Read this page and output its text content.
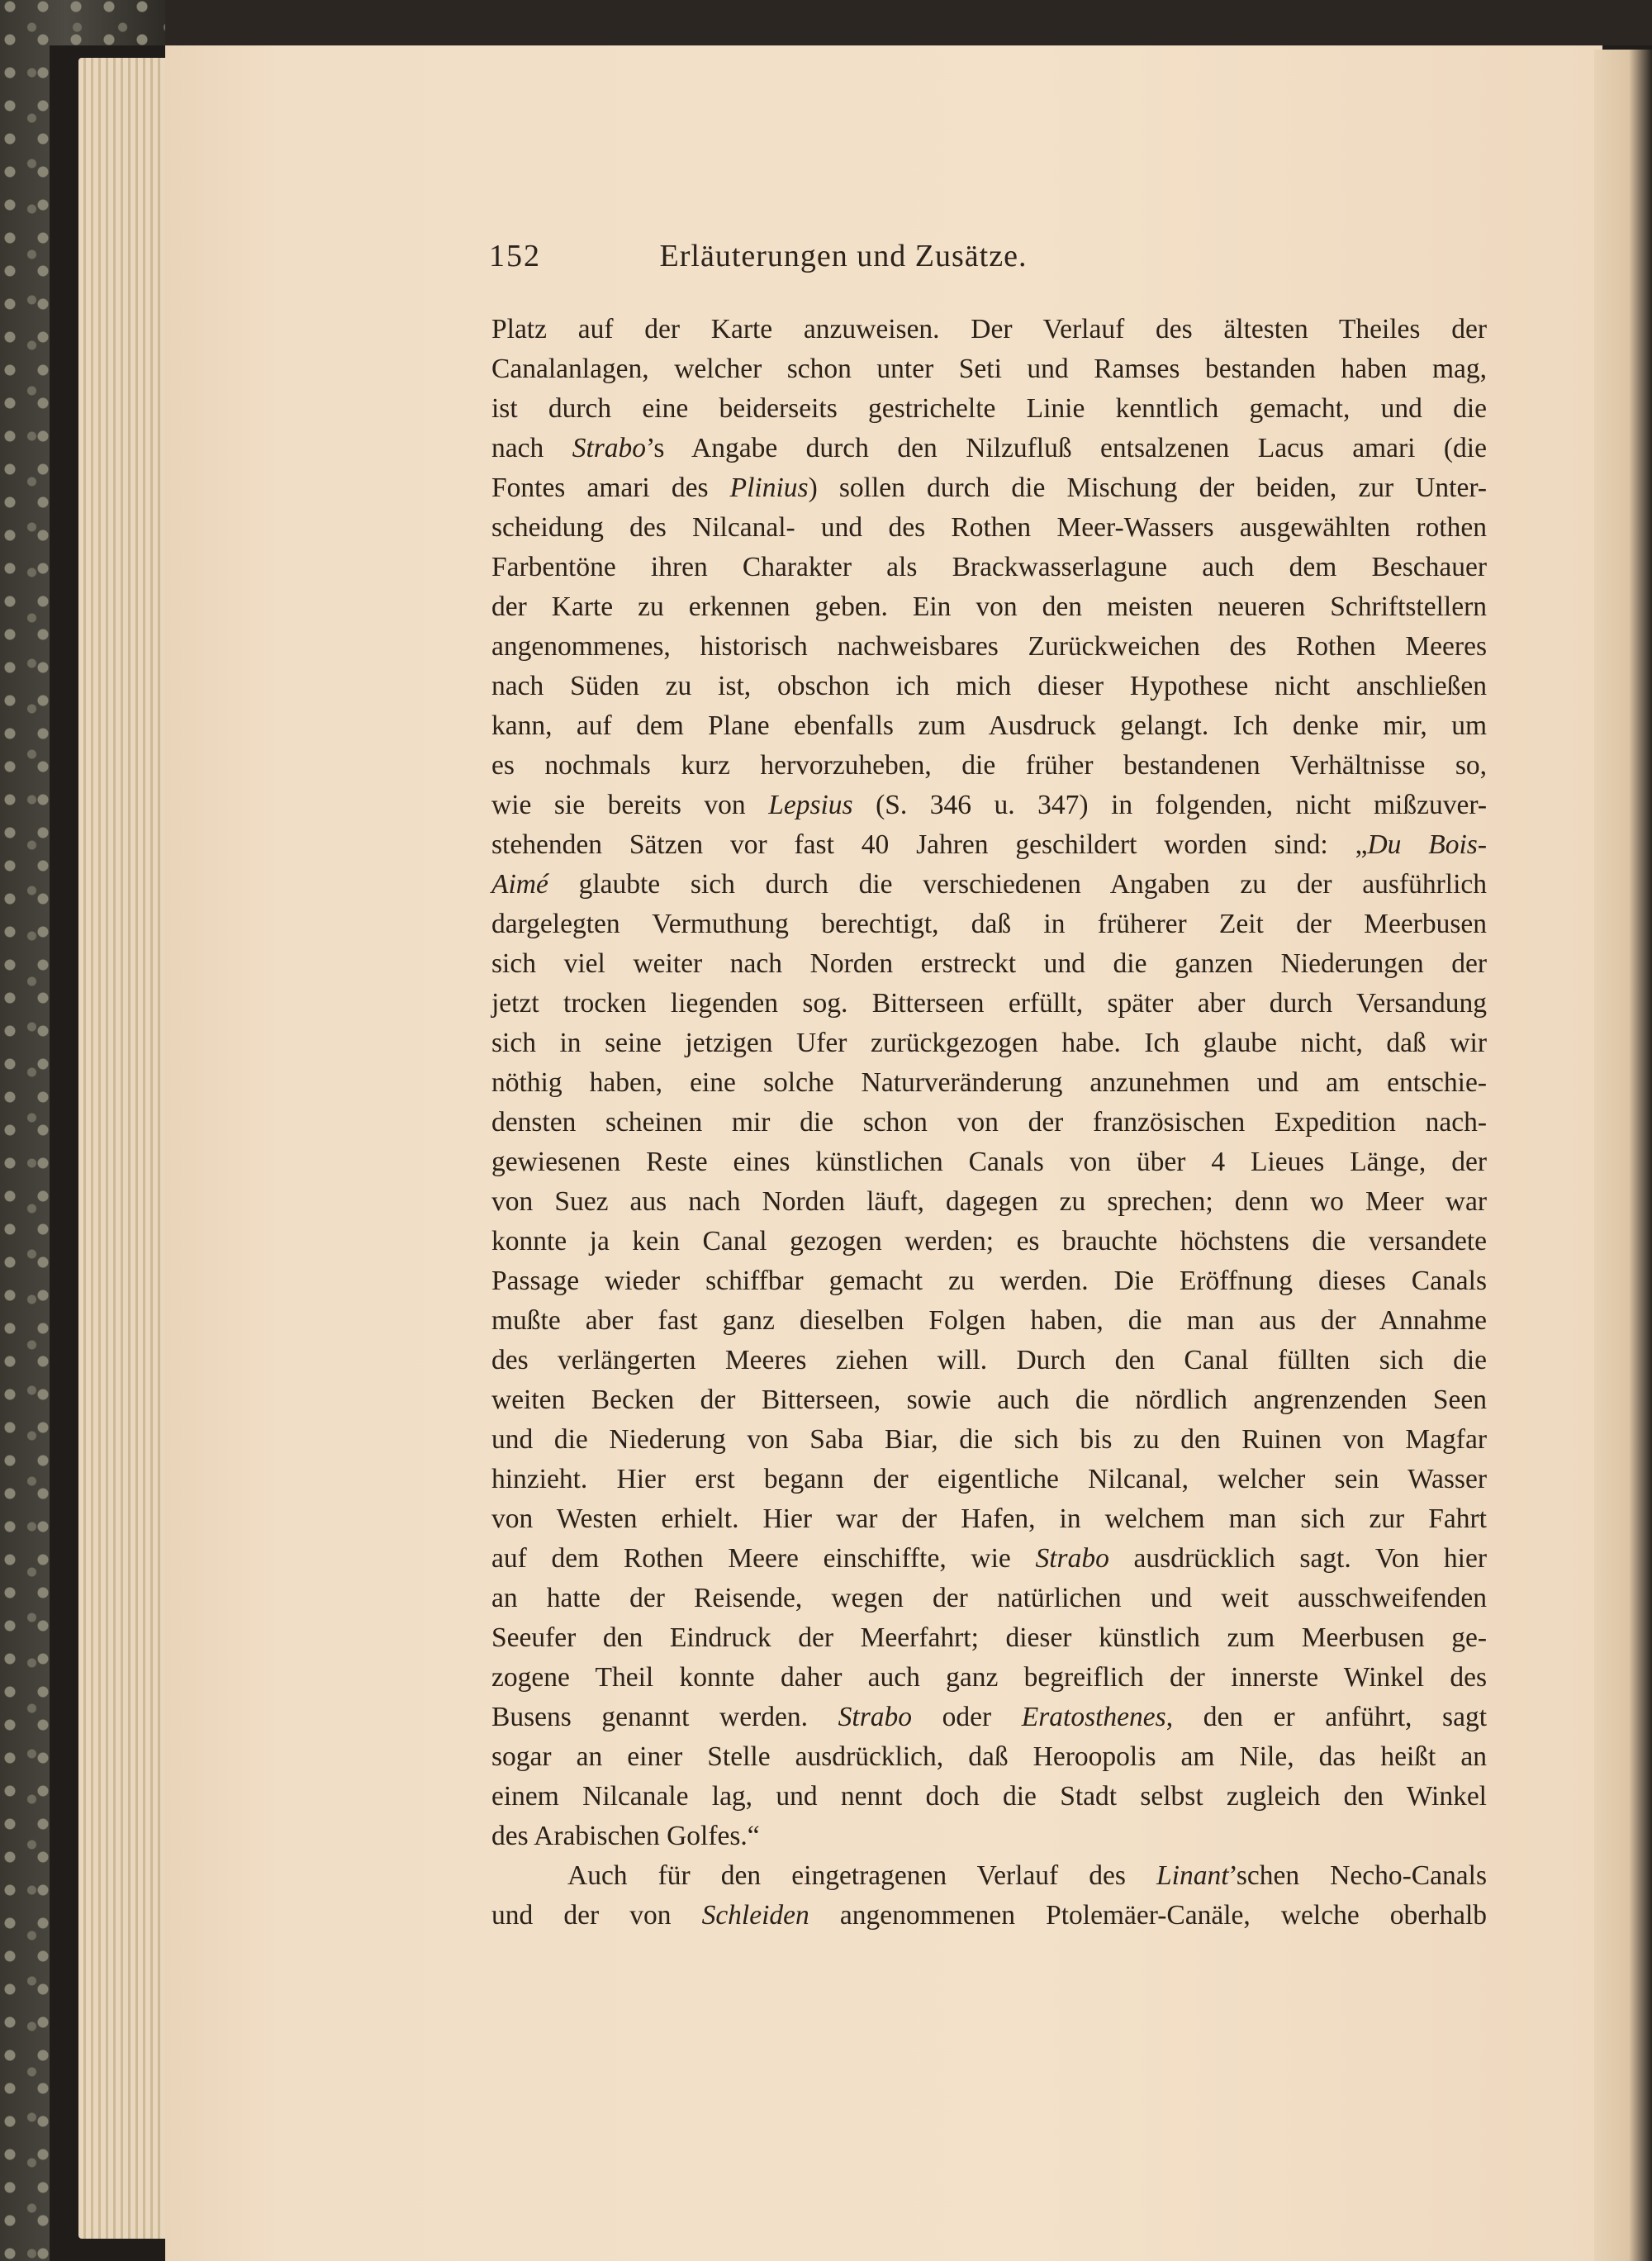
152	Erläuterungen und Zusätze.
Platz auf der Karte anzuweisen. Der Verlauf des ältesten Theiles der
Canalanlagen, welcher schon unter Seti und Ramses bestanden haben mag,
ist durch eine beiderseits gestrichelte Linie kenntlich gemacht, und die
nach Strabo’s Angabe durch den Nilzufluß entsalzenen Lacus amari (die
Fontes amari des Plinius) sollen durch die Mischung der beiden, zur Unter-
scheidung des Nilcanal- und des Rothen Meer-Wassers ausgewählten rothen
Farbentöne ihren Charakter als Brackwasserlagune auch dem Beschauer
der Karte zu erkennen geben. Ein von den meisten neueren Schriftstellern
angenommenes, historisch nachweisbares Zurückweichen des Rothen Meeres
nach Süden zu ist, obschon ich mich dieser Hypothese nicht anschließen
kann, auf dem Plane ebenfalls zum Ausdruck gelangt. Ich denke mir, um
es nochmals kurz hervorzuheben, die früher bestandenen Verhältnisse so,
wie sie bereits von Lepsius (S. 346 u. 347) in folgenden, nicht mißzuver-
stehenden Sätzen vor fast 40 Jahren geschildert worden sind: „Du Bois-
Aimé glaubte sich durch die verschiedenen Angaben zu der ausführlich
dargelegten Vermuthung berechtigt, daß in früherer Zeit der Meerbusen
sich viel weiter nach Norden erstreckt und die ganzen Niederungen der
jetzt trocken liegenden sog. Bitterseen erfüllt, später aber durch Versandung
sich in seine jetzigen Ufer zurückgezogen habe. Ich glaube nicht, daß wir
nöthig haben, eine solche Naturveränderung anzunehmen und am entschie-
densten scheinen mir die schon von der französischen Expedition nach-
gewiesenen Reste eines künstlichen Canals von über 4 Lieues Länge, der
von Suez aus nach Norden läuft, dagegen zu sprechen; denn wo Meer war
konnte ja kein Canal gezogen werden; es brauchte höchstens die versandete
Passage wieder schiffbar gemacht zu werden. Die Eröffnung dieses Canals
mußte aber fast ganz dieselben Folgen haben, die man aus der Annahme
des verlängerten Meeres ziehen will. Durch den Canal füllten sich die
weiten Becken der Bitterseen, sowie auch die nördlich angrenzenden Seen
und die Niederung von Saba Biar, die sich bis zu den Ruinen von Magfar
hinzieht. Hier erst begann der eigentliche Nilcanal, welcher sein Wasser
von Westen erhielt. Hier war der Hafen, in welchem man sich zur Fahrt
auf dem Rothen Meere einschiffte, wie Strabo ausdrücklich sagt. Von hier
an hatte der Reisende, wegen der natürlichen und weit ausschweifenden
Seeufer den Eindruck der Meerfahrt; dieser künstlich zum Meerbusen ge-
zogene Theil konnte daher auch ganz begreiflich der innerste Winkel des
Busens genannt werden. Strabo oder Eratosthenes, den er anführt, sagt
sogar an einer Stelle ausdrücklich, daß Heroopolis am Nile, das heißt an
einem Nilcanale lag, und nennt doch die Stadt selbst zugleich den Winkel
des Arabischen Golfes.“
Auch für den eingetragenen Verlauf des Linant’schen Necho-Canals
und der von Schleiden angenommenen Ptolemäer-Canäle, welche oberhalb
